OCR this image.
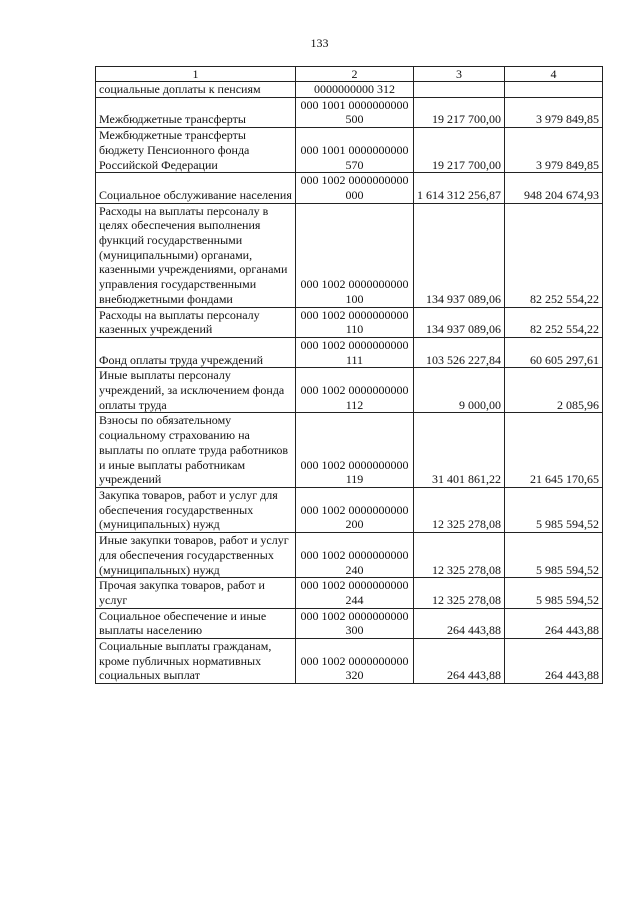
133
1	2	3	4
социальные доплаты к пенсиям	0000000000 312		
Межбюджетные трансферты	000 1001 0000000000 500	19 217 700,00	3 979 849,85
Межбюджетные трансферты бюджету Пенсионного фонда Российской Федерации	000 1001 0000000000 570	19 217 700,00	3 979 849,85
Социальное обслуживание населения	000 1002 0000000000 000	1 614 312 256,87	948 204 674,93
Расходы на выплаты персоналу в целях обеспечения выполнения функций государственными (муниципальными) органами, казенными учреждениями, органами управления государственными внебюджетными фондами	000 1002 0000000000 100	134 937 089,06	82 252 554,22
Расходы на выплаты персоналу казенных учреждений	000 1002 0000000000 110	134 937 089,06	82 252 554,22
Фонд оплаты труда учреждений	000 1002 0000000000 111	103 526 227,84	60 605 297,61
Иные выплаты персоналу учреждений, за исключением фонда оплаты труда	000 1002 0000000000 112	9 000,00	2 085,96
Взносы по обязательному социальному страхованию на выплаты по оплате труда работников и иные выплаты работникам учреждений	000 1002 0000000000 119	31 401 861,22	21 645 170,65
Закупка товаров, работ и услуг для обеспечения государственных (муниципальных) нужд	000 1002 0000000000 200	12 325 278,08	5 985 594,52
Иные закупки товаров, работ и услуг для обеспечения государственных (муниципальных) нужд	000 1002 0000000000 240	12 325 278,08	5 985 594,52
Прочая закупка товаров, работ и услуг	000 1002 0000000000 244	12 325 278,08	5 985 594,52
Социальное обеспечение и иные выплаты населению	000 1002 0000000000 300	264 443,88	264 443,88
Социальные выплаты гражданам, кроме публичных нормативных социальных выплат	000 1002 0000000000 320	264 443,88	264 443,88
